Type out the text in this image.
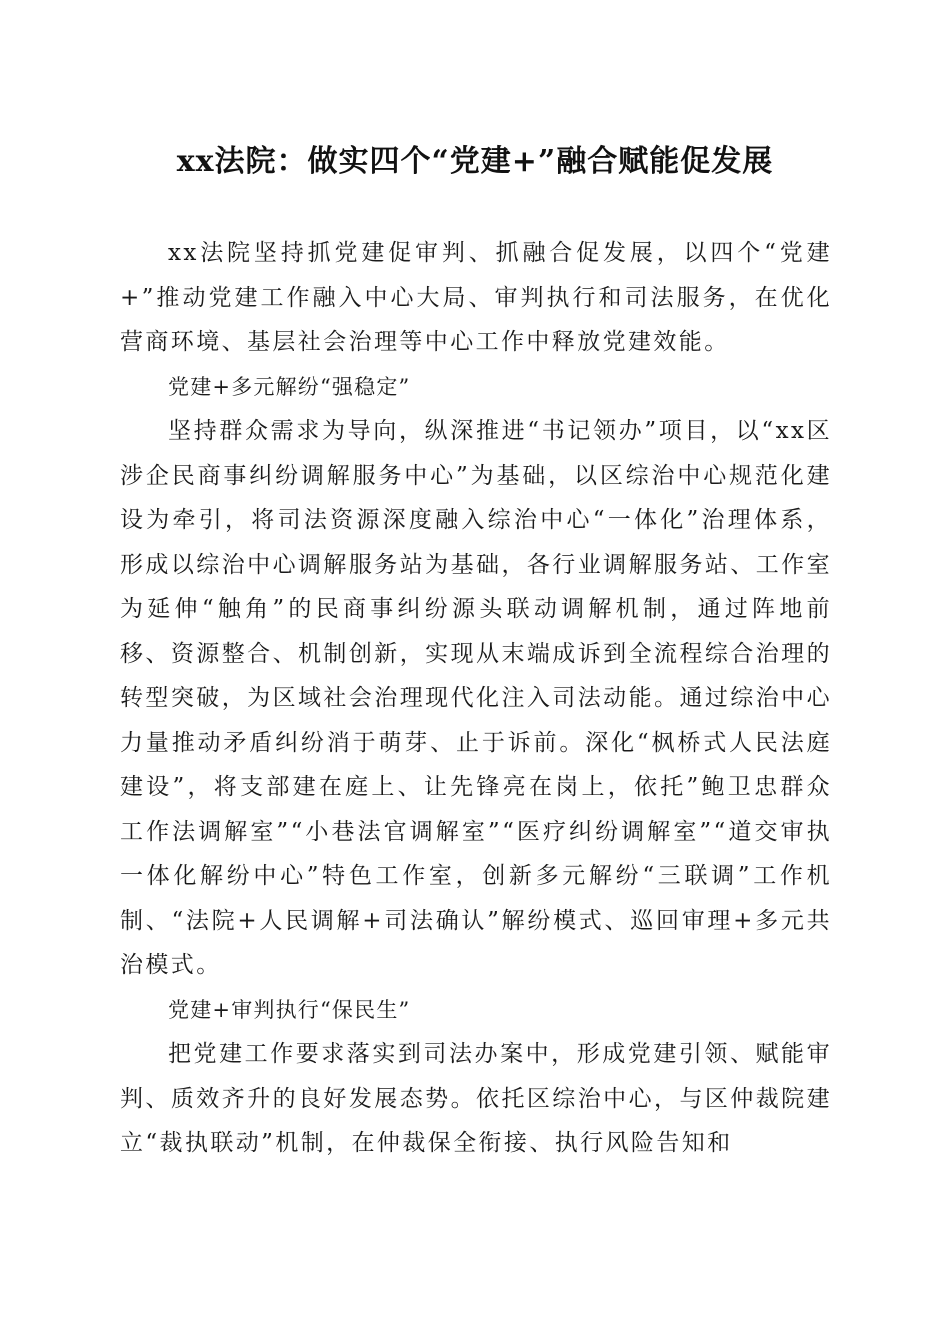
xx法院：做实四个“党建+”融合赋能促发展

xx法院坚持抓党建促审判、抓融合促发展，以四个“党建+”推动党建工作融入中心大局、审判执行和司法服务，在优化营商环境、基层社会治理等中心工作中释放党建效能。

党建+多元解纷“强稳定”

坚持群众需求为导向，纵深推进“书记领办”项目，以“xx区涉企民商事纠纷调解服务中心”为基础，以区综治中心规范化建设为牵引，将司法资源深度融入综治中心“一体化”治理体系，形成以综治中心调解服务站为基础，各行业调解服务站、工作室为延伸“触角”的民商事纠纷源头联动调解机制，通过阵地前移、资源整合、机制创新，实现从末端成诉到全流程综合治理的转型突破，为区域社会治理现代化注入司法动能。通过综治中心力量推动矛盾纠纷消于萌芽、止于诉前。深化“枫桥式人民法庭建设”，将支部建在庭上、让先锋亮在岗上，依托”鲍卫忠群众工作法调解室”“小巷法官调解室”“医疗纠纷调解室”“道交审执一体化解纷中心”特色工作室，创新多元解纷“三联调”工作机制、“法院+人民调解+司法确认”解纷模式、巡回审理+多元共治模式。

党建+审判执行“保民生”

把党建工作要求落实到司法办案中，形成党建引领、赋能审判、质效齐升的良好发展态势。依托区综治中心，与区仲裁院建立“裁执联动”机制，在仲裁保全衔接、执行风险告知和
